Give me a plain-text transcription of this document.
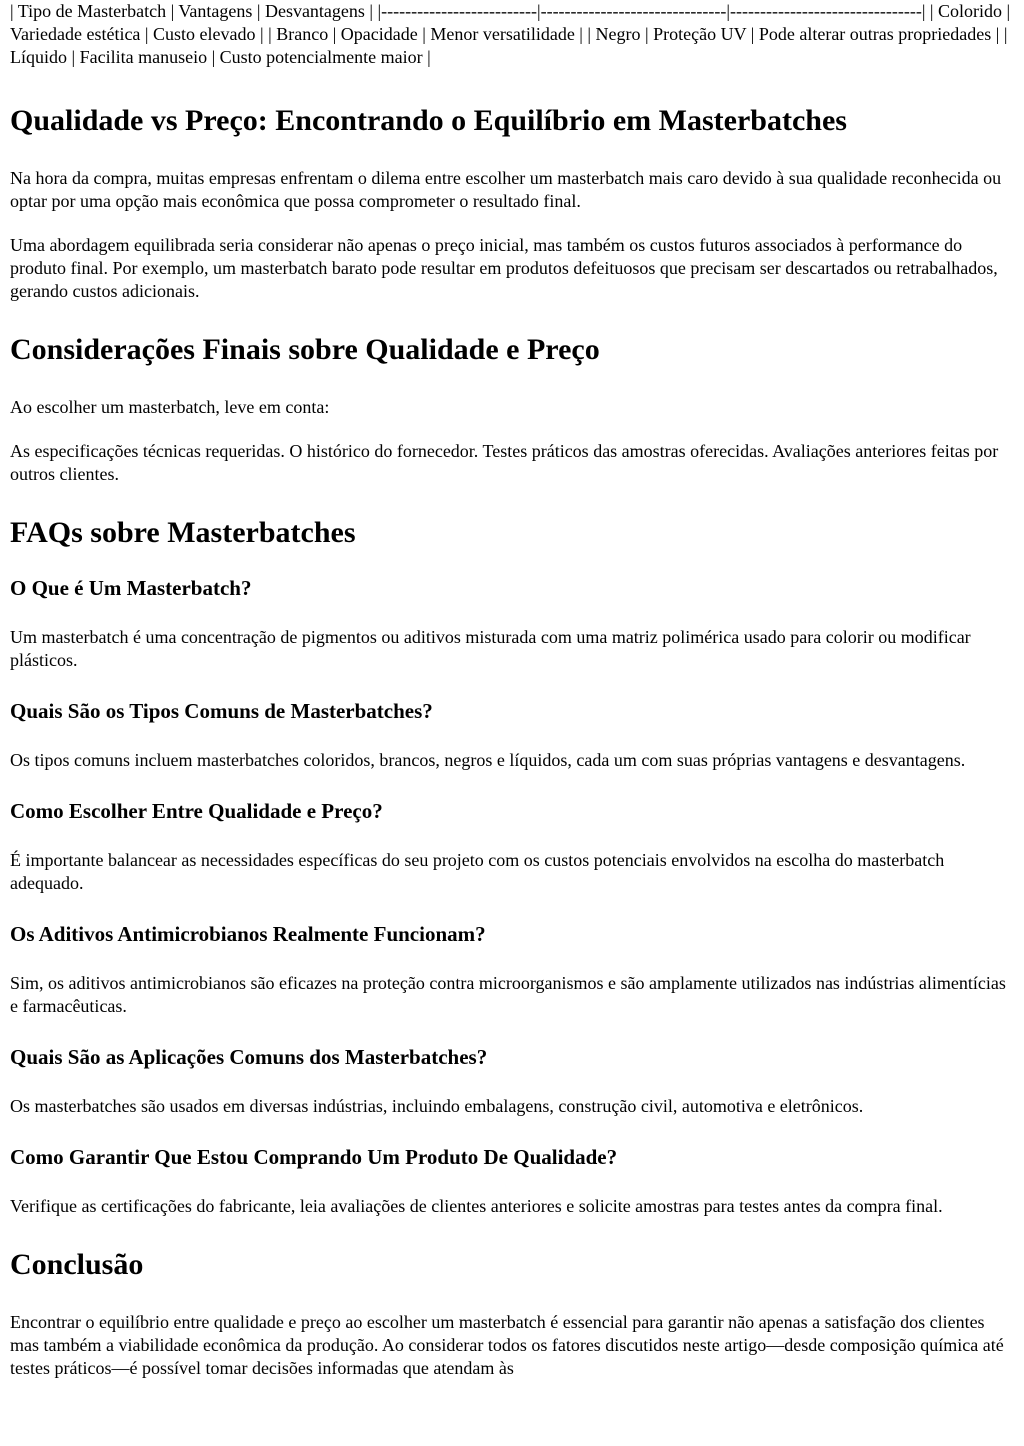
| Tipo de Masterbatch | Vantagens | Desvantagens | |--------------------------|-------------------------------|--------------------------------| | Colorido | Variedade estética | Custo elevado | | Branco | Opacidade | Menor versatilidade | | Negro | Proteção UV | Pode alterar outras propriedades | | Líquido | Facilita manuseio | Custo potencialmente maior |

Qualidade vs Preço: Encontrando o Equilíbrio em Masterbatches

Na hora da compra, muitas empresas enfrentam o dilema entre escolher um masterbatch mais caro devido à sua qualidade reconhecida ou optar por uma opção mais econômica que possa comprometer o resultado final.

Uma abordagem equilibrada seria considerar não apenas o preço inicial, mas também os custos futuros associados à performance do produto final. Por exemplo, um masterbatch barato pode resultar em produtos defeituosos que precisam ser descartados ou retrabalhados, gerando custos adicionais.

Considerações Finais sobre Qualidade e Preço

Ao escolher um masterbatch, leve em conta:

As especificações técnicas requeridas. O histórico do fornecedor. Testes práticos das amostras oferecidas. Avaliações anteriores feitas por outros clientes.

FAQs sobre Masterbatches
O Que é Um Masterbatch?

Um masterbatch é uma concentração de pigmentos ou aditivos misturada com uma matriz polimérica usado para colorir ou modificar plásticos.

Quais São os Tipos Comuns de Masterbatches?

Os tipos comuns incluem masterbatches coloridos, brancos, negros e líquidos, cada um com suas próprias vantagens e desvantagens.

Como Escolher Entre Qualidade e Preço?

É importante balancear as necessidades específicas do seu projeto com os custos potenciais envolvidos na escolha do masterbatch adequado.

Os Aditivos Antimicrobianos Realmente Funcionam?

Sim, os aditivos antimicrobianos são eficazes na proteção contra microorganismos e são amplamente utilizados nas indústrias alimentícias e farmacêuticas.

Quais São as Aplicações Comuns dos Masterbatches?

Os masterbatches são usados em diversas indústrias, incluindo embalagens, construção civil, automotiva e eletrônicos.

Como Garantir Que Estou Comprando Um Produto De Qualidade?

Verifique as certificações do fabricante, leia avaliações de clientes anteriores e solicite amostras para testes antes da compra final.

Conclusão

Encontrar o equilíbrio entre qualidade e preço ao escolher um masterbatch é essencial para garantir não apenas a satisfação dos clientes mas também a viabilidade econômica da produção. Ao considerar todos os fatores discutidos neste artigo—desde composição química até testes práticos—é possível tomar decisões informadas que atendam às
